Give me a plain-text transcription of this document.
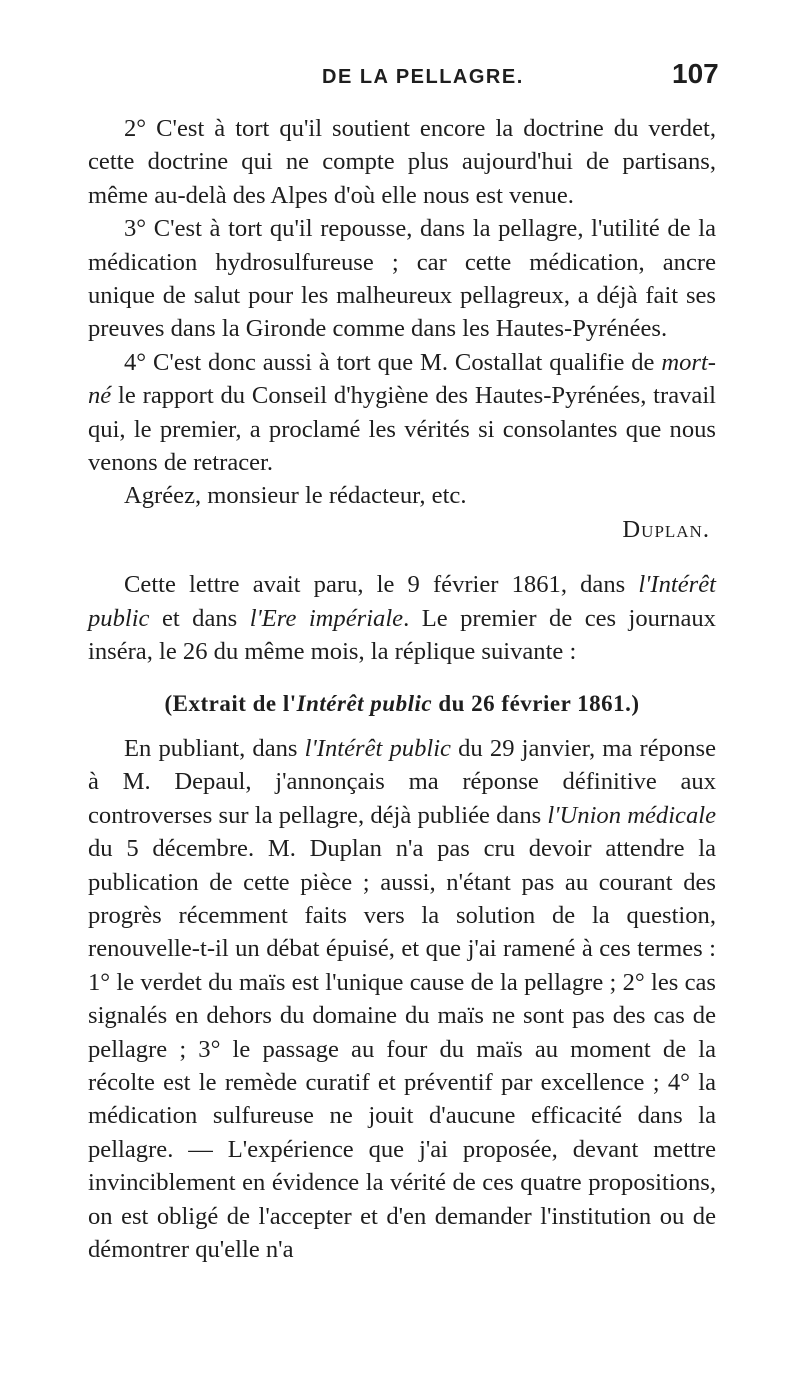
DE LA PELLAGRE.	107

2° C'est à tort qu'il soutient encore la doctrine du verdet, cette doctrine qui ne compte plus aujourd'hui de partisans, même au-delà des Alpes d'où elle nous est venue.

3° C'est à tort qu'il repousse, dans la pellagre, l'utilité de la médication hydrosulfureuse ; car cette médication, ancre unique de salut pour les malheureux pellagreux, a déjà fait ses preuves dans la Gironde comme dans les Hautes-Pyrénées.

4° C'est donc aussi à tort que M. Costallat qualifie de mort-né le rapport du Conseil d'hygiène des Hautes-Pyrénées, travail qui, le premier, a proclamé les vérités si consolantes que nous venons de retracer.

Agréez, monsieur le rédacteur, etc.

Duplan.

Cette lettre avait paru, le 9 février 1861, dans l'Intérêt public et dans l'Ere impériale. Le premier de ces journaux inséra, le 26 du même mois, la réplique suivante :

(Extrait de l'Intérêt public du 26 février 1861.)

En publiant, dans l'Intérêt public du 29 janvier, ma réponse à M. Depaul, j'annonçais ma réponse définitive aux controverses sur la pellagre, déjà publiée dans l'Union médicale du 5 décembre. M. Duplan n'a pas cru devoir attendre la publication de cette pièce ; aussi, n'étant pas au courant des progrès récemment faits vers la solution de la question, renouvelle-t-il un débat épuisé, et que j'ai ramené à ces termes : 1° le verdet du maïs est l'unique cause de la pellagre ; 2° les cas signalés en dehors du domaine du maïs ne sont pas des cas de pellagre ; 3° le passage au four du maïs au moment de la récolte est le remède curatif et préventif par excellence ; 4° la médication sulfureuse ne jouit d'aucune efficacité dans la pellagre. — L'expérience que j'ai proposée, devant mettre invinciblement en évidence la vérité de ces quatre propositions, on est obligé de l'accepter et d'en demander l'institution ou de démontrer qu'elle n'a
